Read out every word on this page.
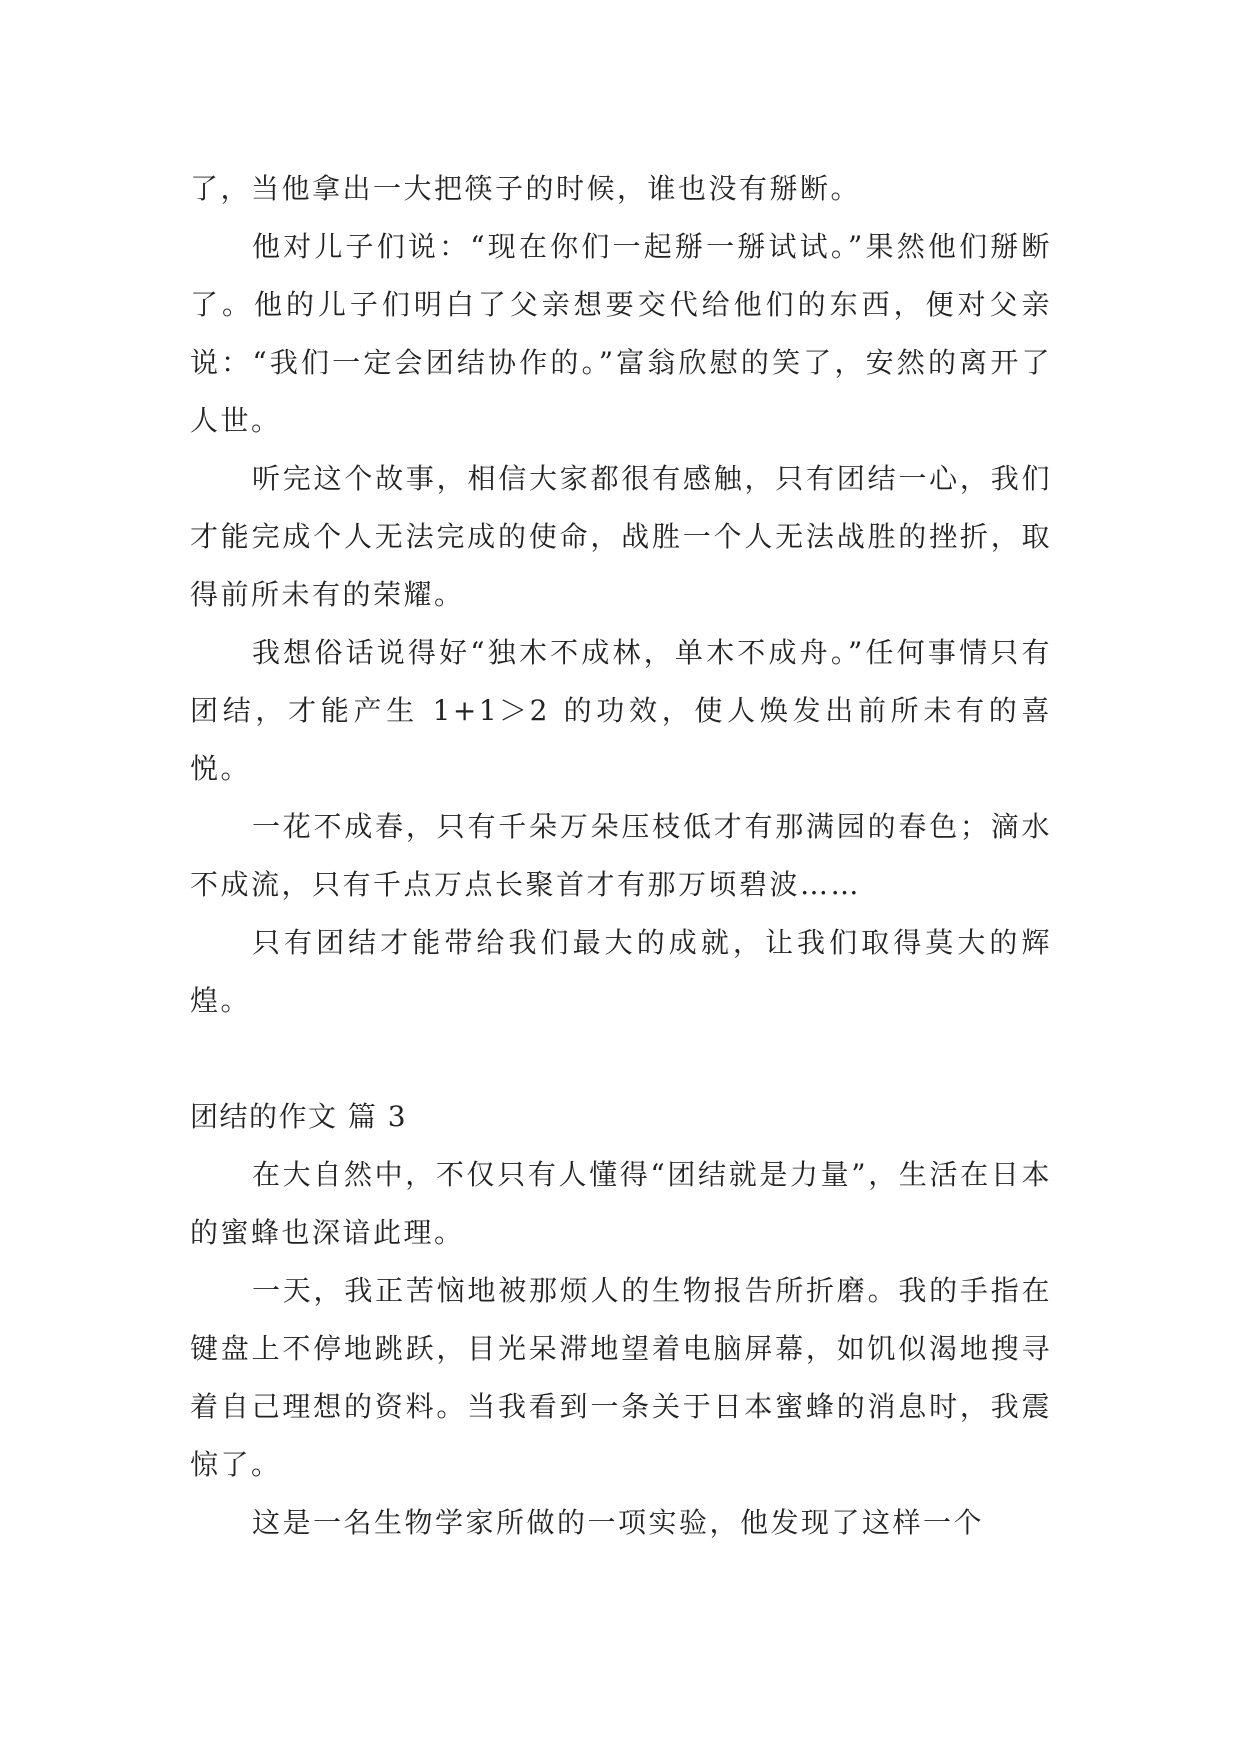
了，当他拿出一大把筷子的时候，谁也没有掰断。

他对儿子们说：“现在你们一起掰一掰试试。”果然他们掰断了。他的儿子们明白了父亲想要交代给他们的东西，便对父亲说：“我们一定会团结协作的。”富翁欣慰的笑了，安然的离开了人世。

听完这个故事，相信大家都很有感触，只有团结一心，我们才能完成个人无法完成的使命，战胜一个人无法战胜的挫折，取得前所未有的荣耀。

我想俗话说得好“独木不成林，单木不成舟。”任何事情只有团结，才能产生 1+1＞2 的功效，使人焕发出前所未有的喜悦。

一花不成春，只有千朵万朵压枝低才有那满园的春色；滴水不成流，只有千点万点长聚首才有那万顷碧波……

只有团结才能带给我们最大的成就，让我们取得莫大的辉煌。

团结的作文 篇 3

在大自然中，不仅只有人懂得“团结就是力量”，生活在日本的蜜蜂也深谙此理。

一天，我正苦恼地被那烦人的生物报告所折磨。我的手指在键盘上不停地跳跃，目光呆滞地望着电脑屏幕，如饥似渴地搜寻着自己理想的资料。当我看到一条关于日本蜜蜂的消息时，我震惊了。

这是一名生物学家所做的一项实验，他发现了这样一个
